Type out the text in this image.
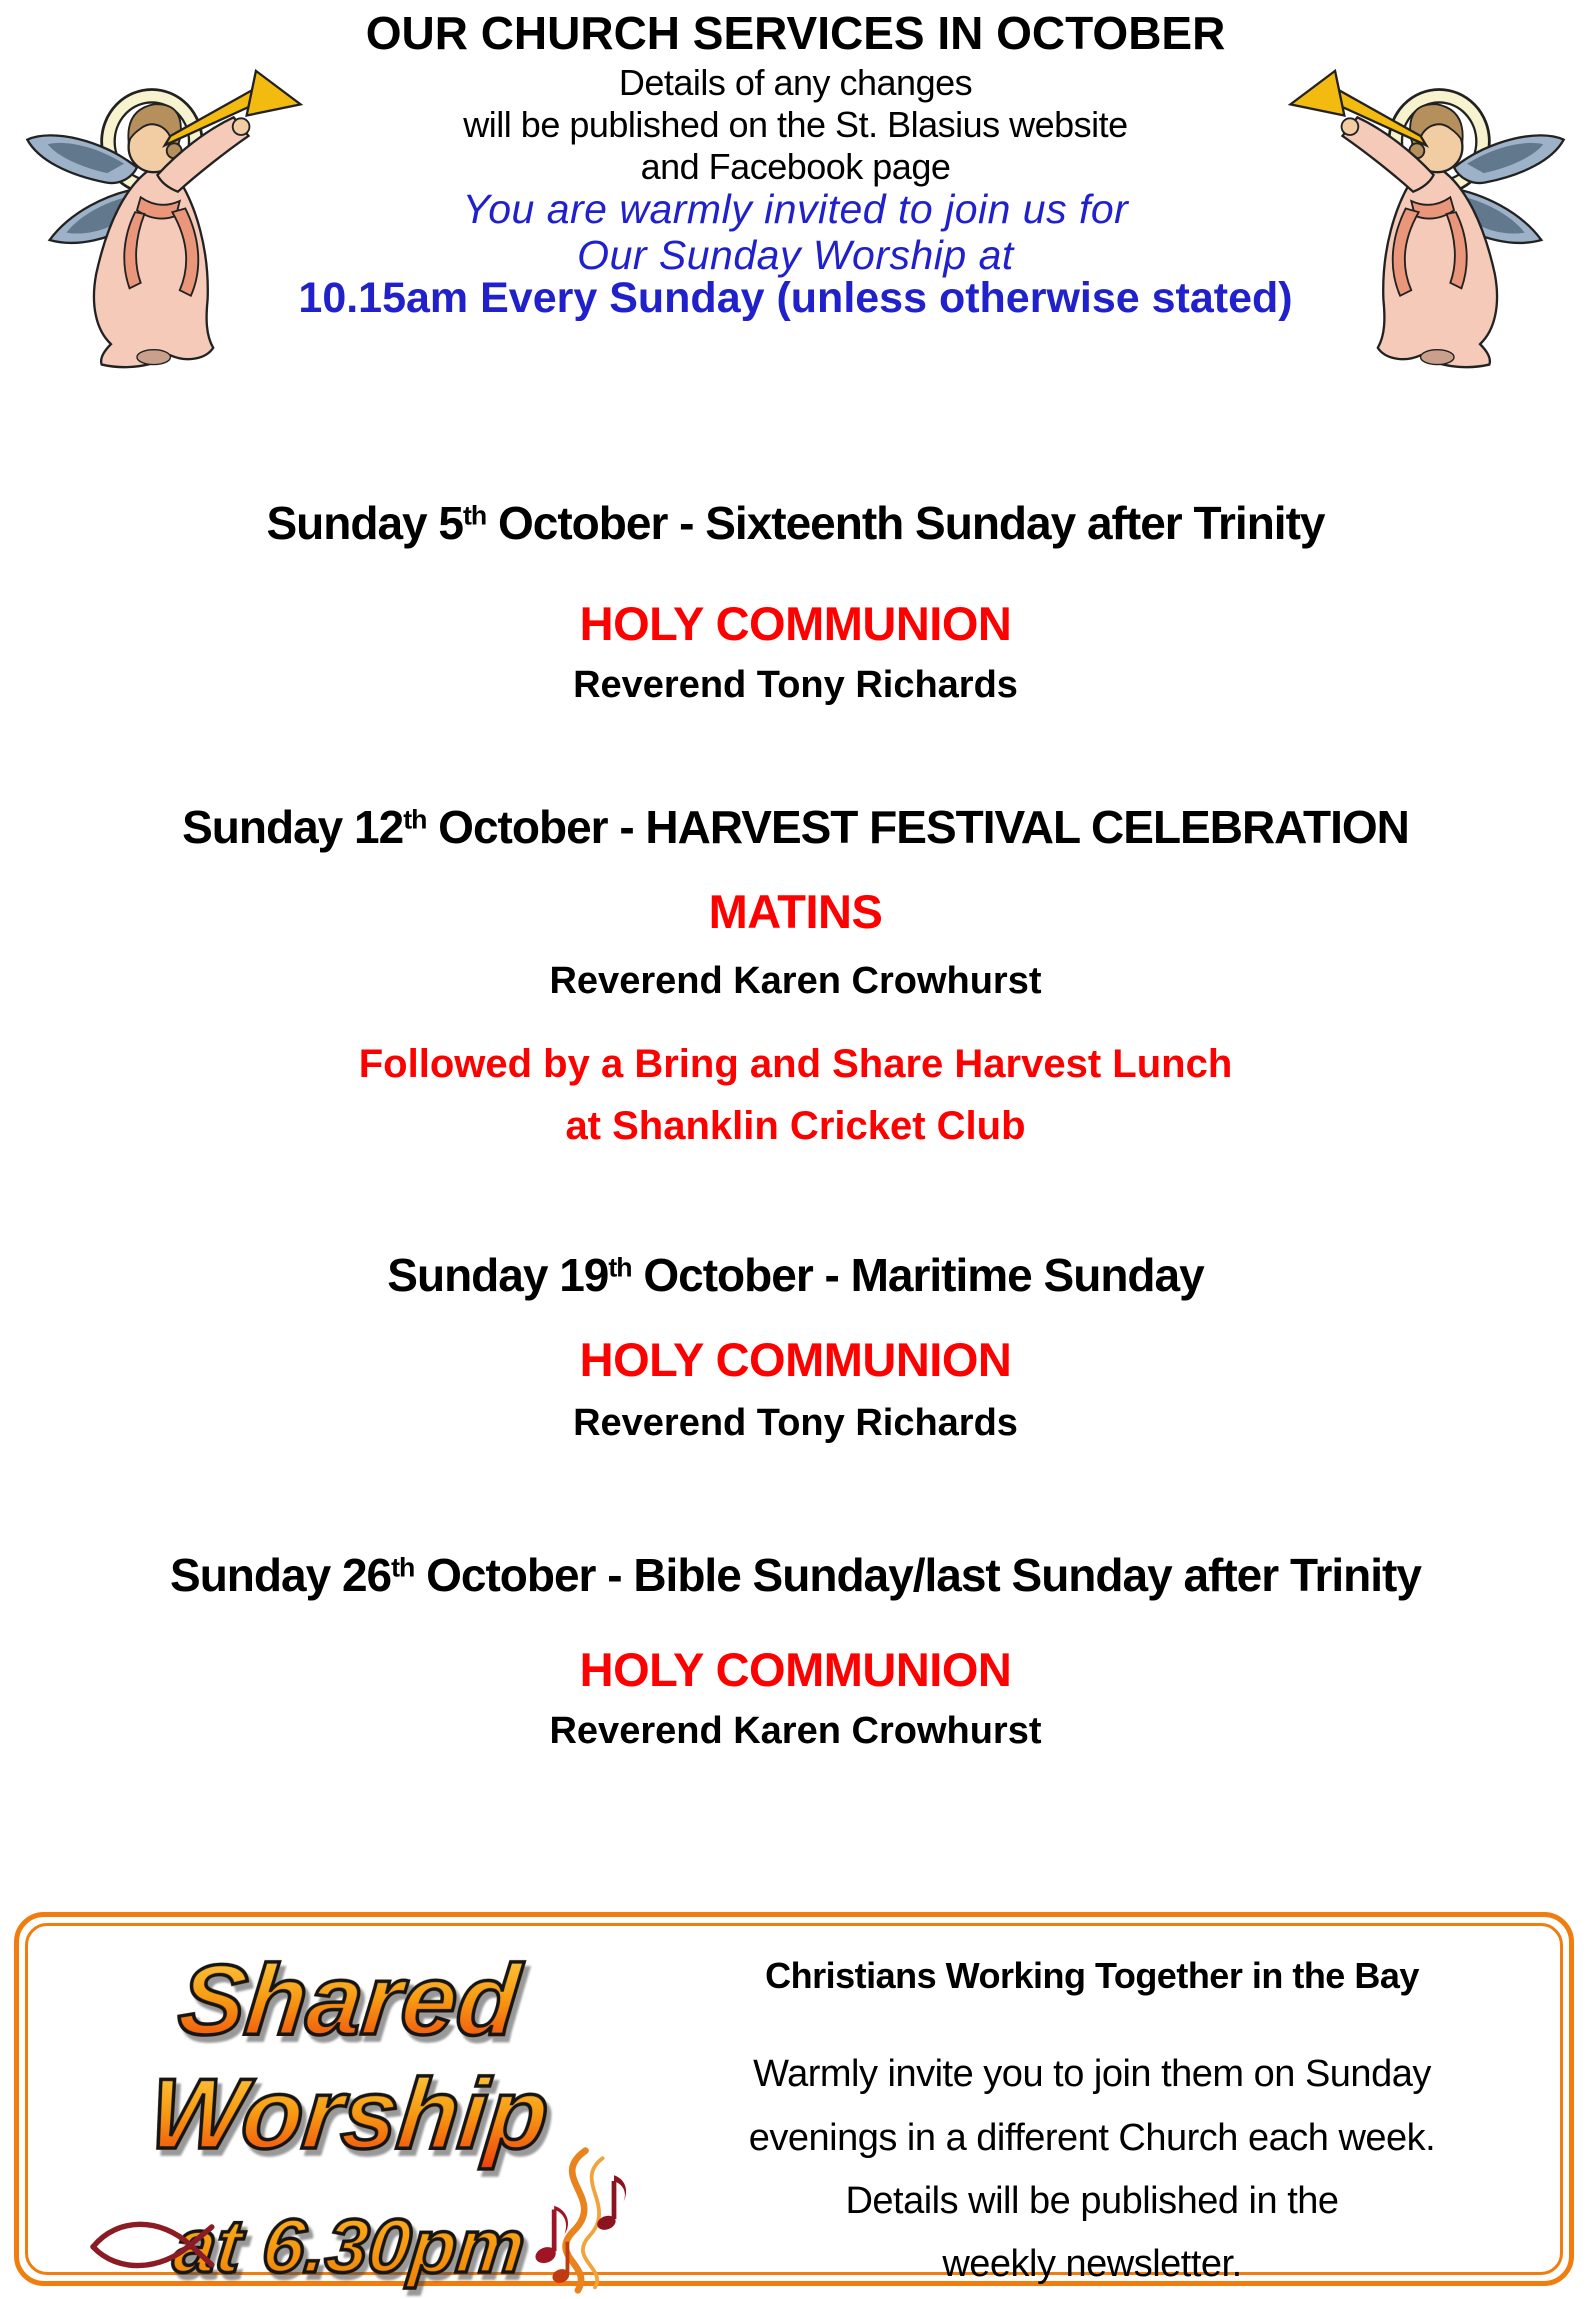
OUR CHURCH SERVICES IN OCTOBER
Details of any changes
will be published on the St. Blasius website
and Facebook page
You are warmly invited to join us for
Our Sunday Worship at
10.15am Every Sunday (unless otherwise stated)
Sunday 5th October - Sixteenth Sunday after Trinity
HOLY COMMUNION
Reverend Tony Richards
Sunday 12th October - HARVEST FESTIVAL CELEBRATION
MATINS
Reverend Karen Crowhurst
Followed by a Bring and Share Harvest Lunch
at Shanklin Cricket Club
Sunday 19th October - Maritime Sunday
HOLY COMMUNION
Reverend Tony Richards
Sunday 26th October - Bible Sunday/last Sunday after Trinity
HOLY COMMUNION
Reverend Karen Crowhurst
Shared
Worship
at 6.30pm
Christians Working Together in the Bay
Warmly invite you to join them on Sunday
evenings in a different Church each week.
Details will be published in the
weekly newsletter.
